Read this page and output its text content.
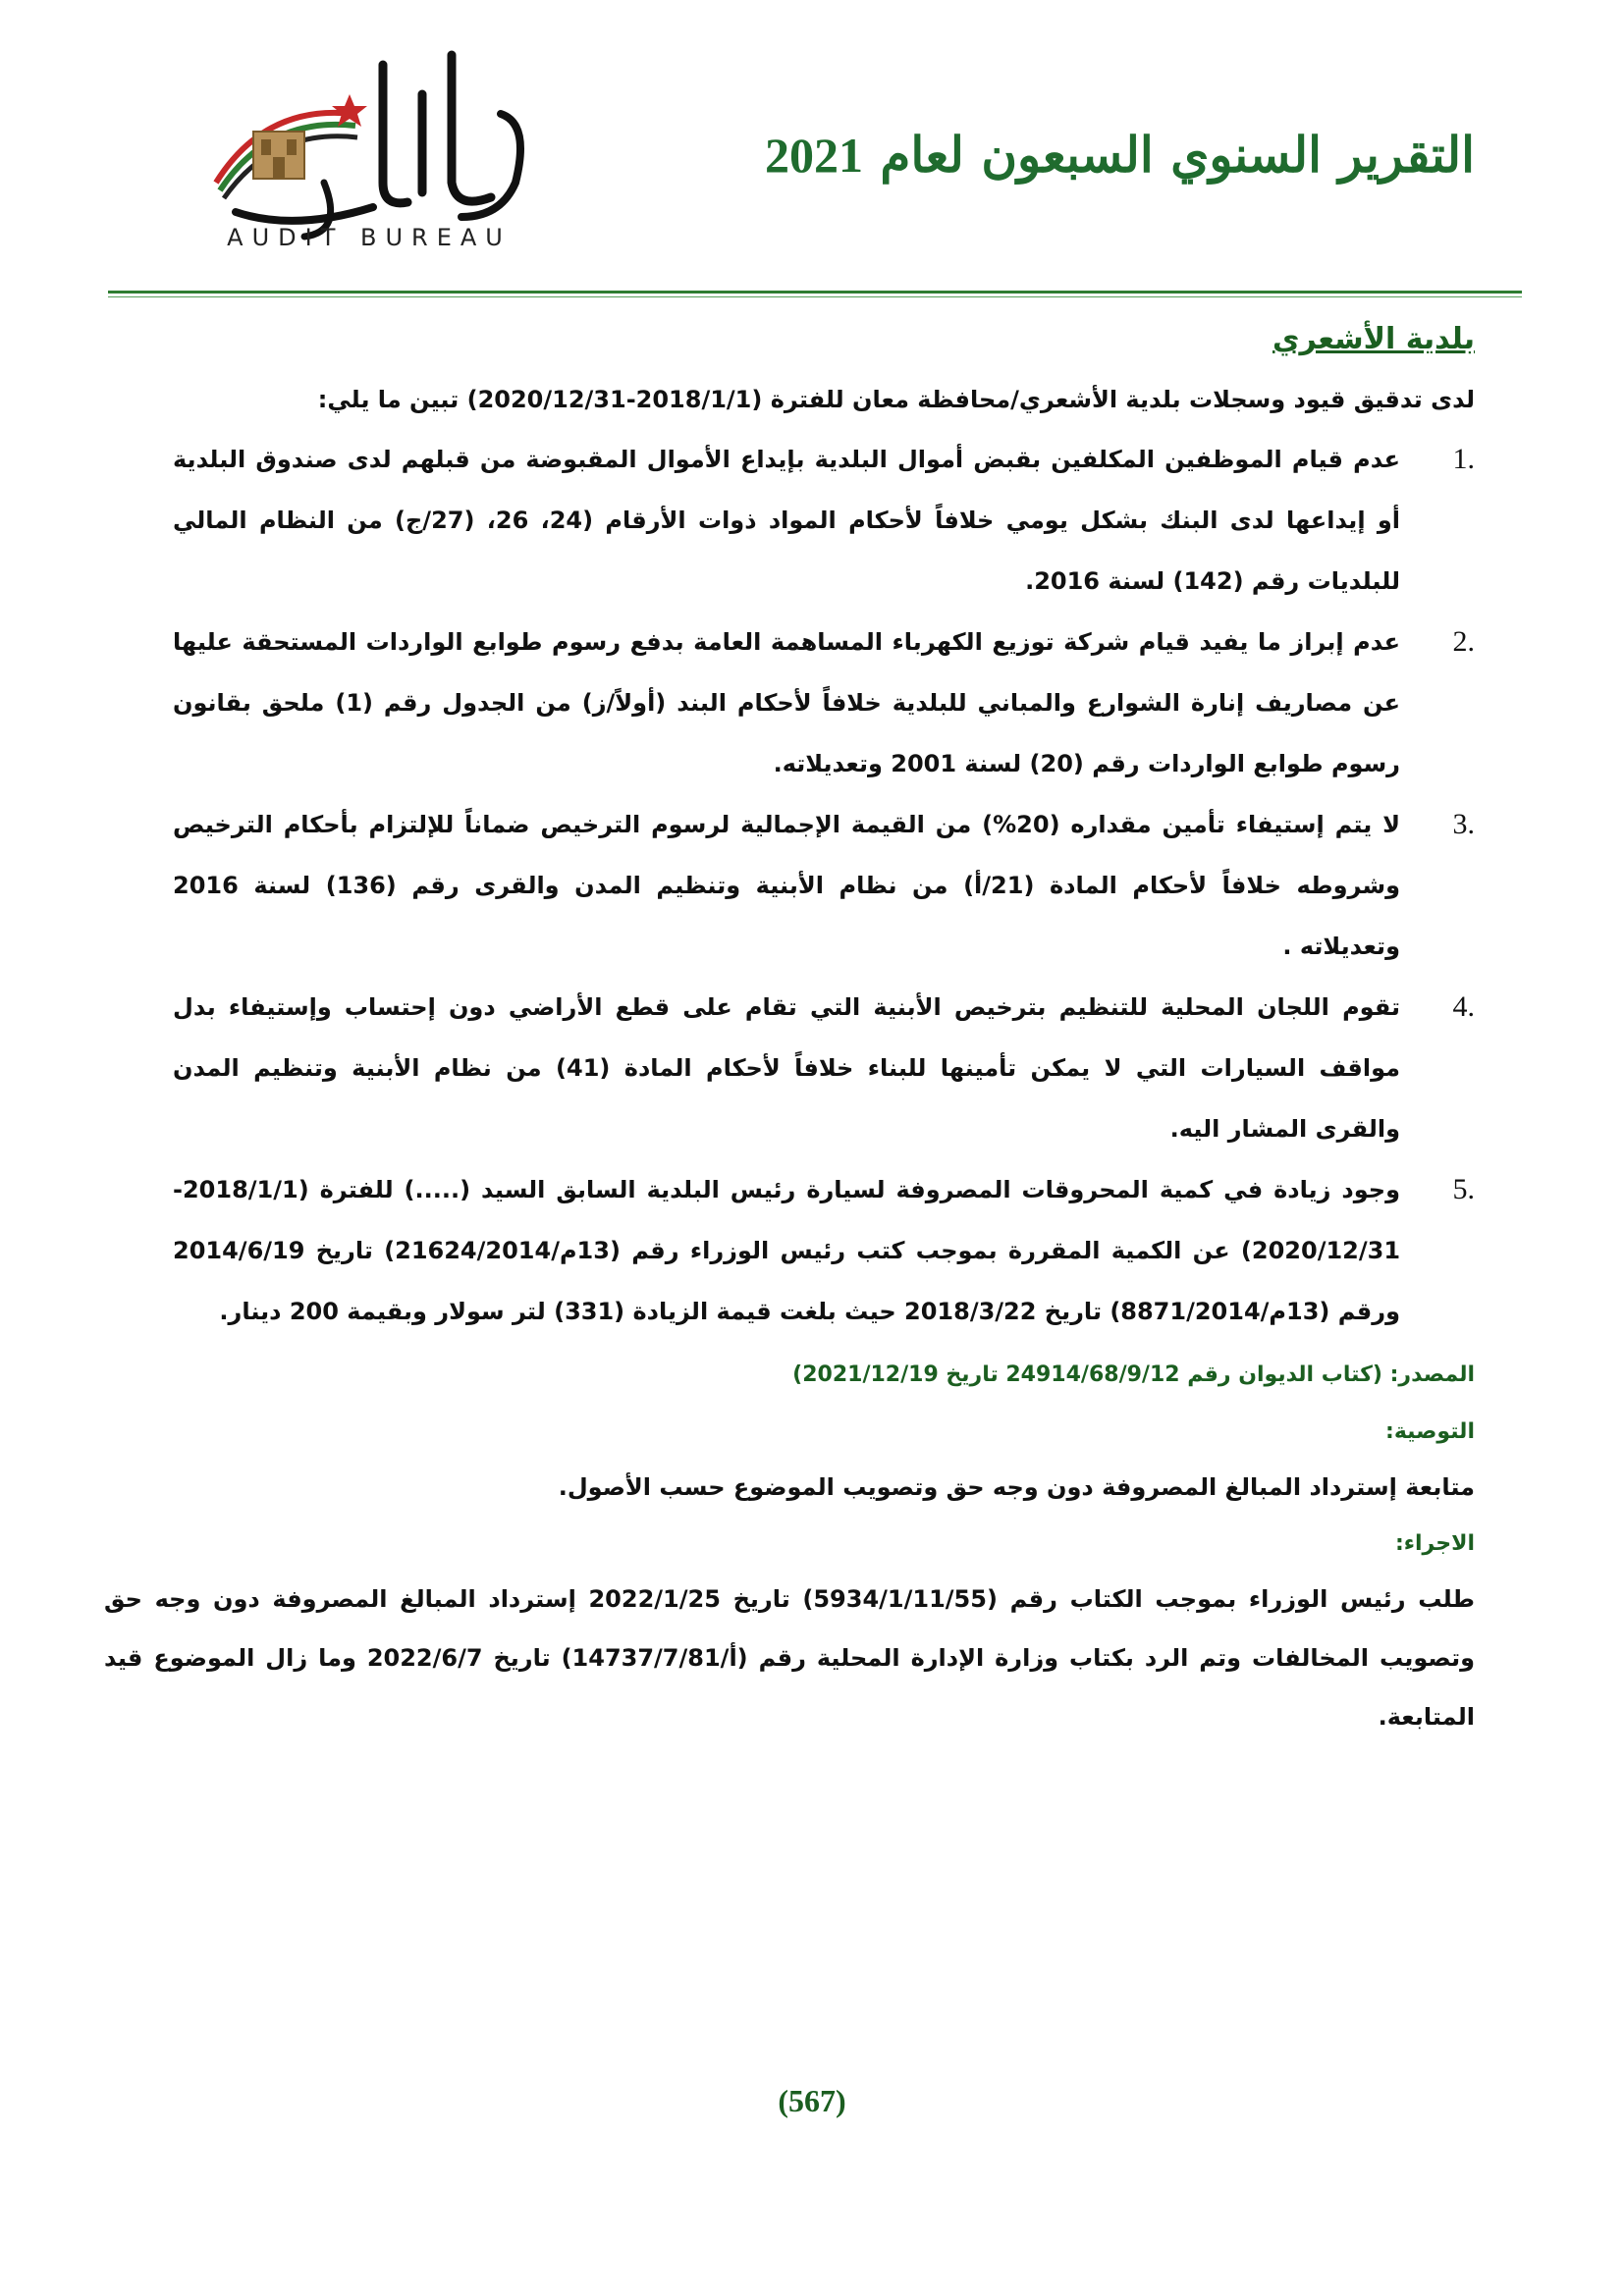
ديوان المحاسبة
AUDIT BUREAU
التقرير السنوي السبعون لعام 2021
بلدية الأشعري

لدى تدقيق قيود وسجلات بلدية الأشعري/محافظة معان للفترة (2018/1/1-2020/12/31) تبين ما يلي:

1.
عدم قيام الموظفين المكلفين بقبض أموال البلدية بإيداع الأموال المقبوضة من قبلهم لدى صندوق البلدية أو إيداعها لدى البنك بشكل يومي خلافاً لأحكام المواد ذوات الأرقام (24، 26، (27/ج) من النظام المالي للبلديات رقم (142) لسنة 2016.
2.
عدم إبراز ما يفيد قيام شركة توزيع الكهرباء المساهمة العامة بدفع رسوم طوابع الواردات المستحقة عليها عن مصاريف إنارة الشوارع والمباني للبلدية خلافاً لأحكام البند (أولاً/ز) من الجدول رقم (1) ملحق بقانون رسوم طوابع الواردات رقم (20) لسنة 2001 وتعديلاته.
3.
لا يتم إستيفاء تأمين مقداره (20%) من القيمة الإجمالية لرسوم الترخيص ضماناً للإلتزام بأحكام الترخيص وشروطه خلافاً لأحكام المادة (21/أ) من نظام الأبنية وتنظيم المدن والقرى رقم (136) لسنة 2016 وتعديلاته .
4.
تقوم اللجان المحلية للتنظيم بترخيص الأبنية التي تقام على قطع الأراضي دون إحتساب وإستيفاء بدل مواقف السيارات التي لا يمكن تأمينها للبناء خلافاً لأحكام المادة (41) من نظام الأبنية وتنظيم المدن والقرى المشار اليه.
5.
وجود زيادة في كمية المحروقات المصروفة لسيارة رئيس البلدية السابق السيد (.....) للفترة (2018/1/1-2020/12/31) عن الكمية المقررة بموجب كتب رئيس الوزراء رقم (13م/21624/2014) تاريخ 2014/6/19 ورقم (13م/8871/2014) تاريخ 2018/3/22 حيث بلغت قيمة الزيادة (331) لتر سولار وبقيمة 200 دينار.
المصدر: (كتاب الديوان رقم 24914/68/9/12 تاريخ 2021/12/19)
التوصية:

متابعة إسترداد المبالغ المصروفة دون وجه حق وتصويب الموضوع حسب الأصول.

الاجراء:

طلب رئيس الوزراء بموجب الكتاب رقم (5934/1/11/55) تاريخ 2022/1/25 إسترداد المبالغ المصروفة دون وجه حق وتصويب المخالفات وتم الرد بكتاب وزارة الإدارة المحلية رقم (أ/14737/7/81) تاريخ 2022/6/7 وما زال الموضوع قيد المتابعة.

(567)
